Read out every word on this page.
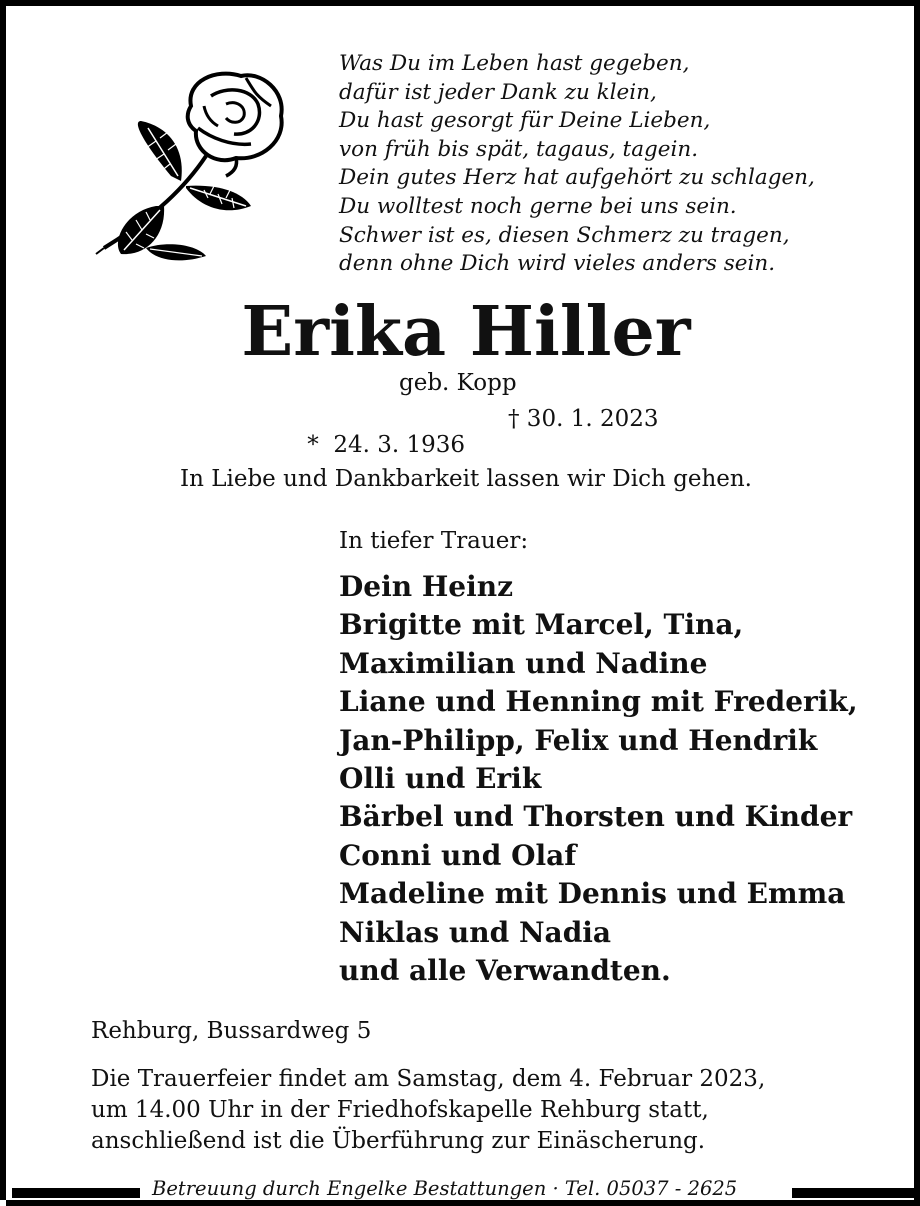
Was Du im Leben hast gegeben,
dafür ist jeder Dank zu klein,
Du hast gesorgt für Deine Lieben,
von früh bis spät, tagaus, tagein.
Dein gutes Herz hat aufgehört zu schlagen,
Du wolltest noch gerne bei uns sein.
Schwer ist es, diesen Schmerz zu tragen,
denn ohne Dich wird vieles anders sein.
Erika Hiller
geb. Kopp

*  24. 3. 1936

† 30. 1. 2023

In Liebe und Dankbarkeit lassen wir Dich gehen.
In tiefer Trauer:
Dein Heinz
Brigitte mit Marcel, Tina,
Maximilian und Nadine
Liane und Henning mit Frederik,
Jan-Philipp, Felix und Hendrik
Olli und Erik
Bärbel und Thorsten und Kinder
Conni und Olaf
Madeline mit Dennis und Emma
Niklas und Nadia
und alle Verwandten.
Rehburg, Bussardweg 5
Die Trauerfeier findet am Samstag, dem 4. Februar 2023,
um 14.00 Uhr in der Friedhofskapelle Rehburg statt,
anschließend ist die Überführung zur Einäscherung.
Betreuung durch Engelke Bestattungen · Tel. 05037 - 2625
